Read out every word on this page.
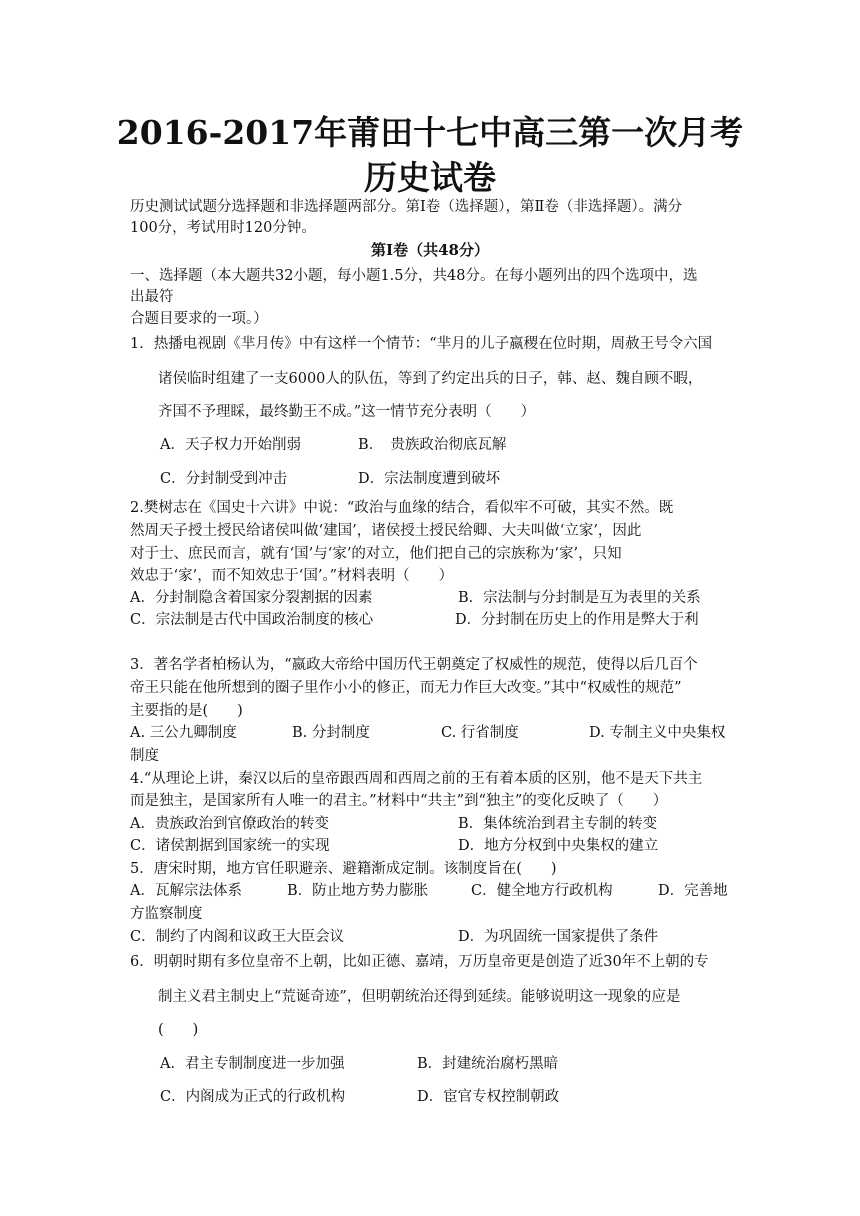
2016-2017年莆田十七中高三第一次月考
历史试卷
历史测试试题分选择题和非选择题两部分。第Ⅰ卷（选择题），第Ⅱ卷（非选择题）。满分
100分，考试用时120分钟。
第Ⅰ卷（共48分）
一、选择题（本大题共32小题，每小题1.5分，共48分。在每小题列出的四个选项中，选
出最符
合题目要求的一项。）
1．热播电视剧《芈月传》中有这样一个情节：“芈月的儿子嬴稷在位时期，周赦王号令六国
诸侯临时组建了一支6000人的队伍，等到了约定出兵的日子，韩、赵、魏自顾不暇，
齐国不予理睬，最终勤王不成。”这一情节充分表明（　　）
A．天子权力开始削弱	B．　贵族政治彻底瓦解
C．分封制受到冲击	D．宗法制度遭到破坏
2.樊树志在《国史十六讲》中说：“政治与血缘的结合，看似牢不可破，其实不然。既
然周天子授土授民给诸侯叫做‘建国’，诸侯授土授民给卿、大夫叫做‘立家’，因此
对于士、庶民而言，就有‘国’与‘家’的对立，他们把自己的宗族称为‘家’，只知
效忠于‘家’，而不知效忠于‘国’。”材料表明（　　）
A．分封制隐含着国家分裂割据的因素	B．宗法制与分封制是互为表里的关系
C．宗法制是古代中国政治制度的核心	D．分封制在历史上的作用是弊大于利
3．著名学者柏杨认为，“嬴政大帝给中国历代王朝奠定了权威性的规范，使得以后几百个
帝王只能在他所想到的圈子里作小小的修正，而无力作巨大改变。”其中“权威性的规范”
主要指的是(　　)
A. 三公九卿制度	B. 分封制度	C. 行省制度	D. 专制主义中央集权
制度
4.“从理论上讲，秦汉以后的皇帝跟西周和西周之前的王有着本质的区别，他不是天下共主
而是独主，是国家所有人唯一的君主。”材料中“共主”到“独主”的变化反映了（　　）
A．贵族政治到官僚政治的转变	B．集体统治到君主专制的转变
C．诸侯割据到国家统一的实现	D．地方分权到中央集权的建立
5．唐宋时期，地方官任职避亲、避籍渐成定制。该制度旨在(　　)
A．瓦解宗法体系	B．防止地方势力膨胀	C．健全地方行政机构	D．完善地
方监察制度
C．制约了内阁和议政王大臣会议	D．为巩固统一国家提供了条件
6．明朝时期有多位皇帝不上朝，比如正德、嘉靖，万历皇帝更是创造了近30年不上朝的专
制主义君主制史上“荒诞奇迹”，但明朝统治还得到延续。能够说明这一现象的应是
(　　)
A．君主专制制度进一步加强	B．封建统治腐朽黑暗
C．内阁成为正式的行政机构	D．宦官专权控制朝政
